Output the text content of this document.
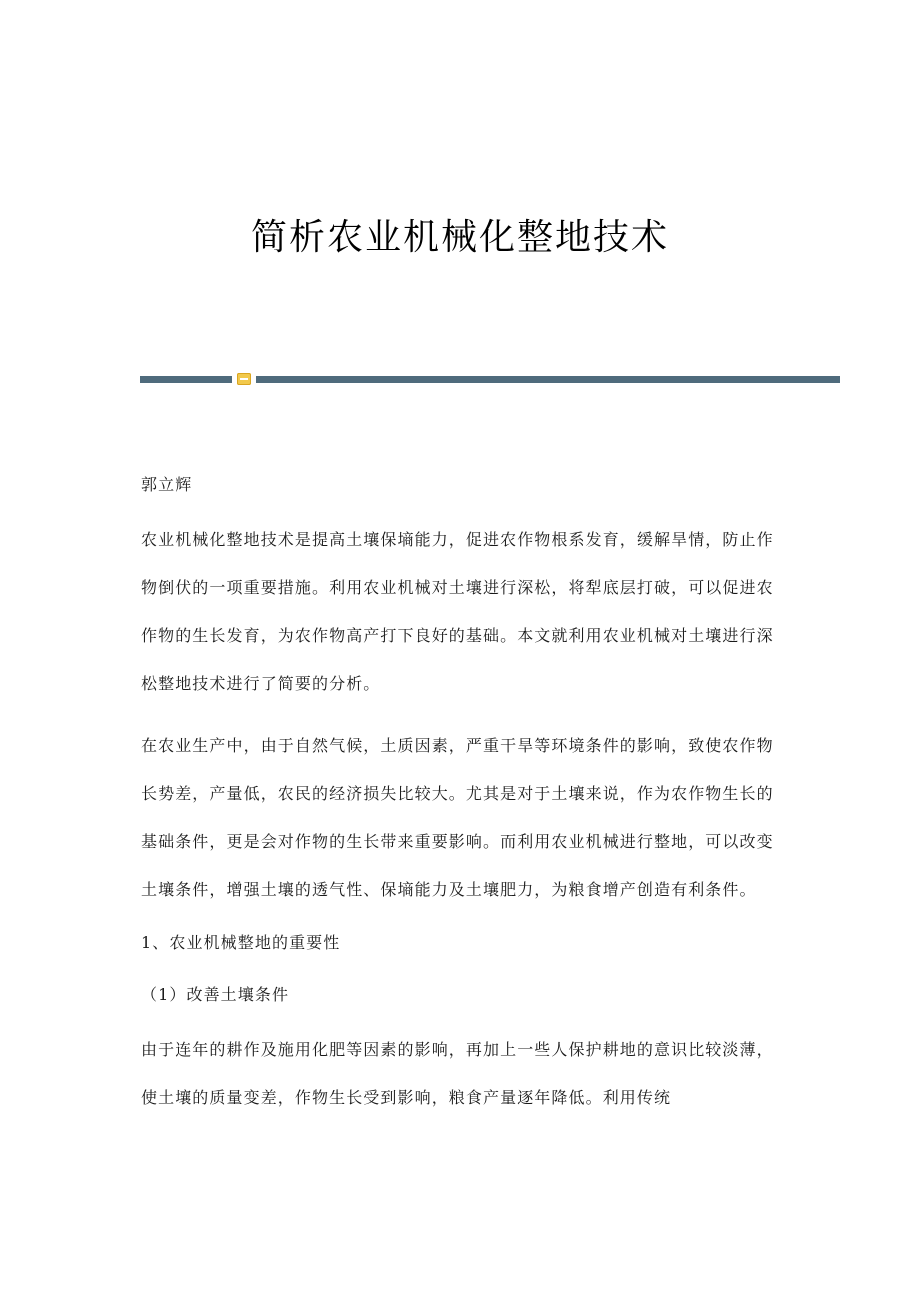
简析农业机械化整地技术

郭立辉

农业机械化整地技术是提高土壤保墒能力，促进农作物根系发育，缓解旱情，防止作物倒伏的一项重要措施。利用农业机械对土壤进行深松，将犁底层打破，可以促进农作物的生长发育，为农作物高产打下良好的基础。本文就利用农业机械对土壤进行深松整地技术进行了简要的分析。

在农业生产中，由于自然气候，土质因素，严重干旱等环境条件的影响，致使农作物长势差，产量低，农民的经济损失比较大。尤其是对于土壤来说，作为农作物生长的基础条件，更是会对作物的生长带来重要影响。而利用农业机械进行整地，可以改变土壤条件，增强土壤的透气性、保墒能力及土壤肥力，为粮食增产创造有利条件。

1、农业机械整地的重要性

（1）改善土壤条件

由于连年的耕作及施用化肥等因素的影响，再加上一些人保护耕地的意识比较淡薄，使土壤的质量变差，作物生长受到影响，粮食产量逐年降低。利用传统
